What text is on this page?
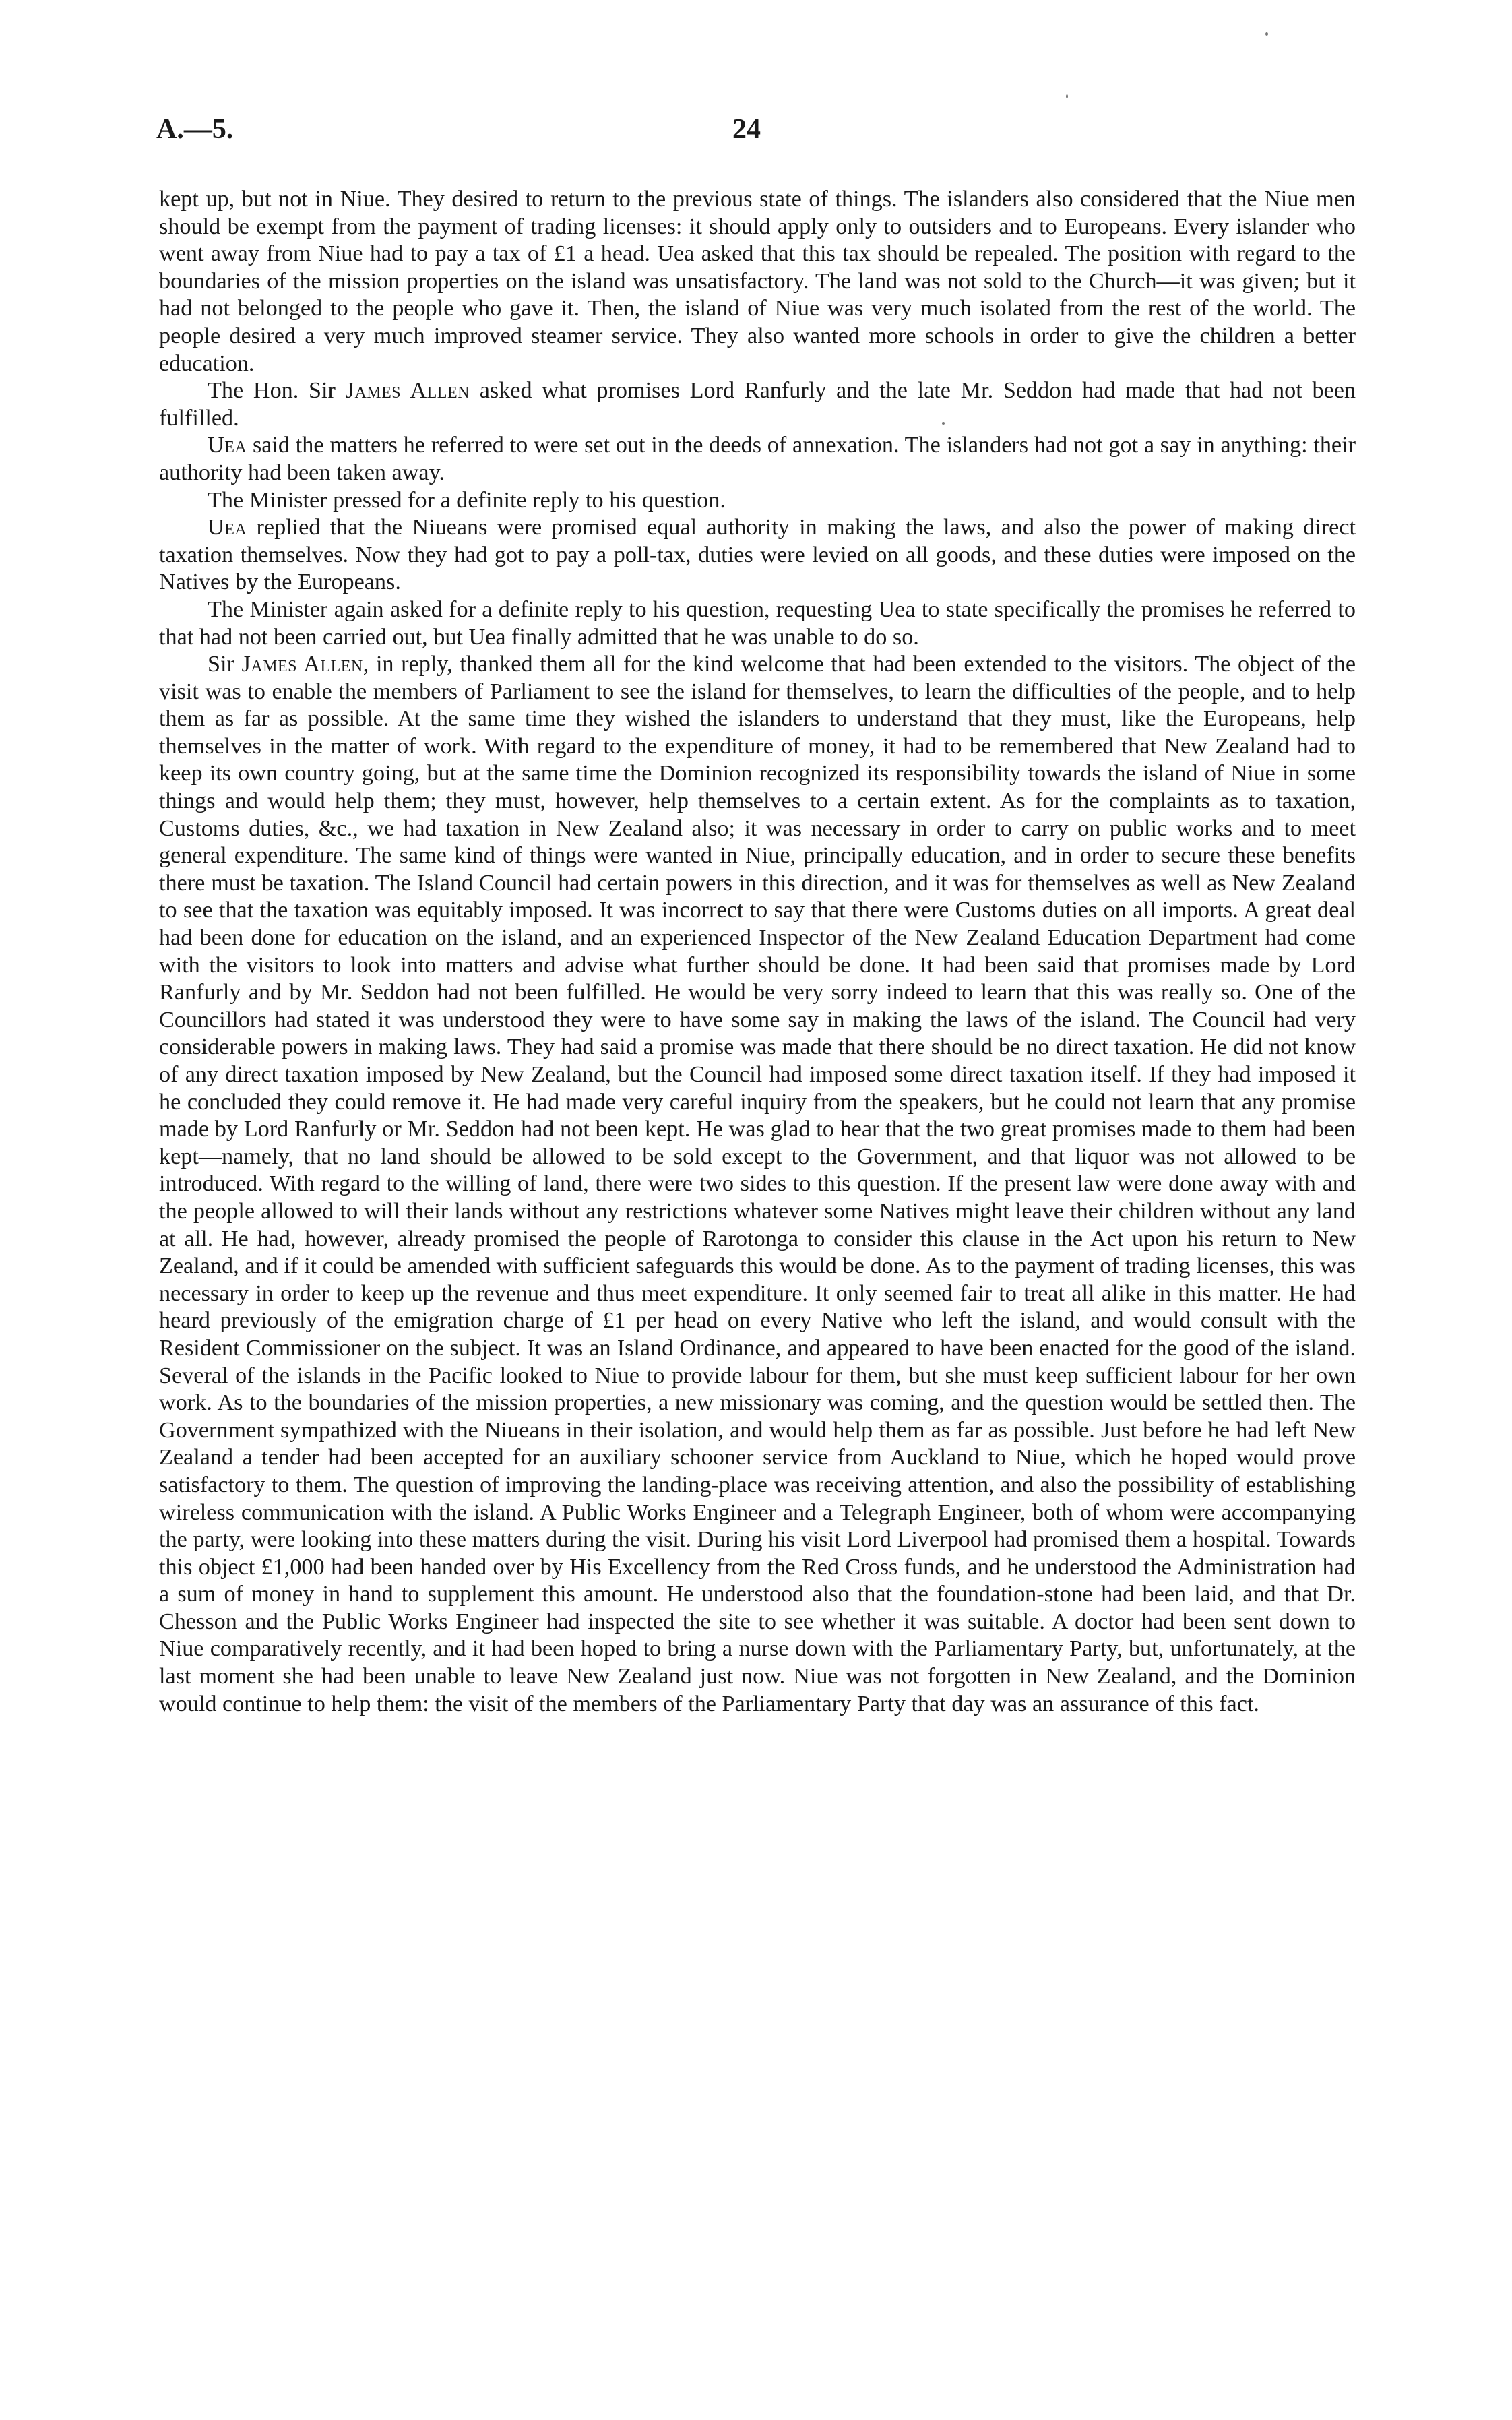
A.—5.	24

kept up, but not in Niue. They desired to return to the previous state of things. The islanders also considered that the Niue men should be exempt from the payment of trading licenses: it should apply only to outsiders and to Europeans. Every islander who went away from Niue had to pay a tax of £1 a head. Uea asked that this tax should be repealed. The position with regard to the boundaries of the mission properties on the island was unsatisfactory. The land was not sold to the Church—it was given; but it had not belonged to the people who gave it. Then, the island of Niue was very much isolated from the rest of the world. The people desired a very much improved steamer service. They also wanted more schools in order to give the children a better education.

The Hon. Sir James Allen asked what promises Lord Ranfurly and the late Mr. Seddon had made that had not been fulfilled.

Uea said the matters he referred to were set out in the deeds of annexation. The islanders had not got a say in anything: their authority had been taken away.

The Minister pressed for a definite reply to his question.

Uea replied that the Niueans were promised equal authority in making the laws, and also the power of making direct taxation themselves. Now they had got to pay a poll-tax, duties were levied on all goods, and these duties were imposed on the Natives by the Europeans.

The Minister again asked for a definite reply to his question, requesting Uea to state specifically the promises he referred to that had not been carried out, but Uea finally admitted that he was unable to do so.

Sir James Allen, in reply, thanked them all for the kind welcome that had been extended to the visitors. The object of the visit was to enable the members of Parliament to see the island for themselves, to learn the difficulties of the people, and to help them as far as possible. At the same time they wished the islanders to understand that they must, like the Europeans, help themselves in the matter of work. With regard to the expenditure of money, it had to be remembered that New Zealand had to keep its own country going, but at the same time the Dominion recognized its responsibility towards the island of Niue in some things and would help them; they must, however, help themselves to a certain extent. As for the complaints as to taxation, Customs duties, &c., we had taxation in New Zealand also; it was necessary in order to carry on public works and to meet general expenditure. The same kind of things were wanted in Niue, principally education, and in order to secure these benefits there must be taxation. The Island Council had certain powers in this direction, and it was for themselves as well as New Zealand to see that the taxation was equitably imposed. It was incorrect to say that there were Customs duties on all imports. A great deal had been done for education on the island, and an experienced Inspector of the New Zealand Education Department had come with the visitors to look into matters and advise what further should be done. It had been said that promises made by Lord Ranfurly and by Mr. Seddon had not been fulfilled. He would be very sorry indeed to learn that this was really so. One of the Councillors had stated it was understood they were to have some say in making the laws of the island. The Council had very considerable powers in making laws. They had said a promise was made that there should be no direct taxation. He did not know of any direct taxation imposed by New Zealand, but the Council had imposed some direct taxation itself. If they had imposed it he concluded they could remove it. He had made very careful inquiry from the speakers, but he could not learn that any promise made by Lord Ranfurly or Mr. Seddon had not been kept. He was glad to hear that the two great promises made to them had been kept—namely, that no land should be allowed to be sold except to the Government, and that liquor was not allowed to be introduced. With regard to the willing of land, there were two sides to this question. If the present law were done away with and the people allowed to will their lands without any restrictions whatever some Natives might leave their children without any land at all. He had, however, already promised the people of Rarotonga to consider this clause in the Act upon his return to New Zealand, and if it could be amended with sufficient safeguards this would be done. As to the payment of trading licenses, this was necessary in order to keep up the revenue and thus meet expenditure. It only seemed fair to treat all alike in this matter. He had heard previously of the emigration charge of £1 per head on every Native who left the island, and would consult with the Resident Commissioner on the subject. It was an Island Ordinance, and appeared to have been enacted for the good of the island. Several of the islands in the Pacific looked to Niue to provide labour for them, but she must keep sufficient labour for her own work. As to the boundaries of the mission properties, a new missionary was coming, and the question would be settled then. The Government sympathized with the Niueans in their isolation, and would help them as far as possible. Just before he had left New Zealand a tender had been accepted for an auxiliary schooner service from Auckland to Niue, which he hoped would prove satisfactory to them. The question of improving the landing-place was receiving attention, and also the possibility of establishing wireless communication with the island. A Public Works Engineer and a Telegraph Engineer, both of whom were accompanying the party, were looking into these matters during the visit. During his visit Lord Liverpool had promised them a hospital. Towards this object £1,000 had been handed over by His Excellency from the Red Cross funds, and he understood the Administration had a sum of money in hand to supplement this amount. He understood also that the foundation-stone had been laid, and that Dr. Chesson and the Public Works Engineer had inspected the site to see whether it was suitable. A doctor had been sent down to Niue comparatively recently, and it had been hoped to bring a nurse down with the Parliamentary Party, but, unfortunately, at the last moment she had been unable to leave New Zealand just now. Niue was not forgotten in New Zealand, and the Dominion would continue to help them: the visit of the members of the Parliamentary Party that day was an assurance of this fact.
